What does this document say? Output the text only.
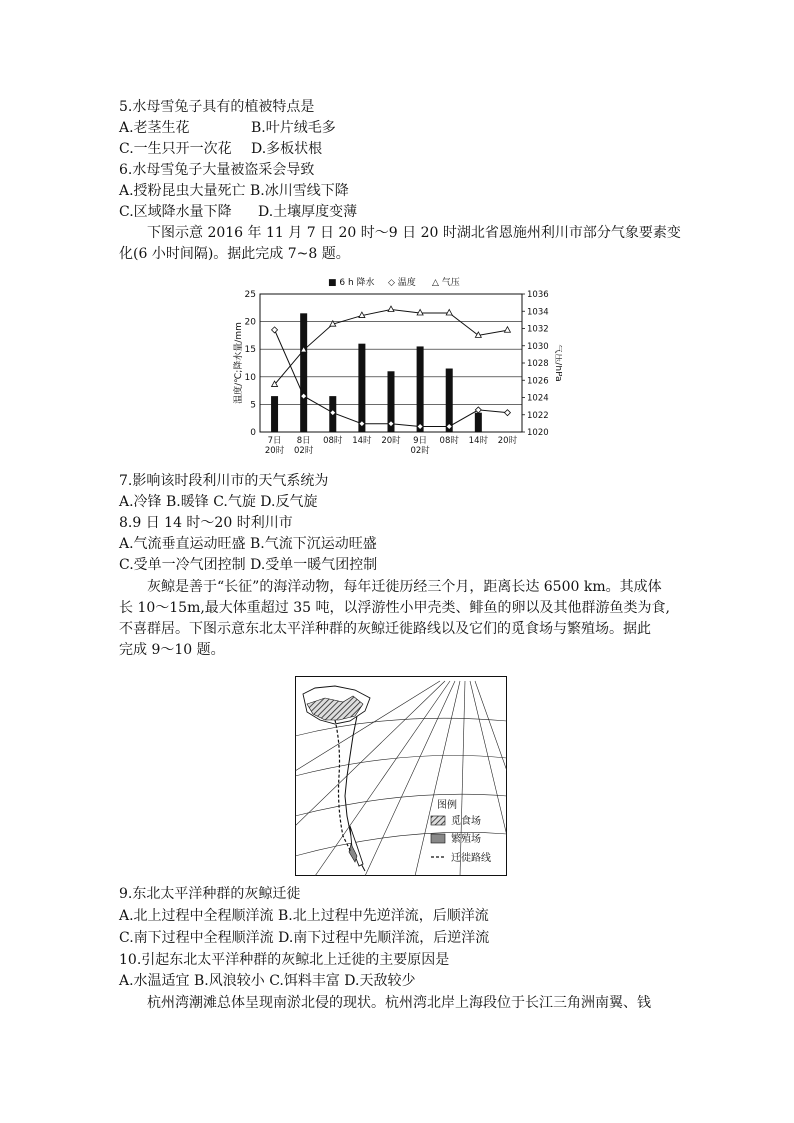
5.水母雪兔子具有的植被特点是
A.老茎生花	B.叶片绒毛多
C.一生只开一次花 D.多板状根
6.水母雪兔子大量被盗采会导致
A.授粉昆虫大量死亡 B.冰川雪线下降
C.区域降水量下降 D.土壤厚度变薄
下图示意 2016 年 11 月 7 日 20 时～9 日 20 时湖北省恩施州利川市部分气象要素变
化(6 小时间隔)。据此完成 7~8 题。
0
5
10
15
20
25
1020
1022
1024
1026
1028
1030
1032
1034
1036
温度/℃;降水量/mm	气压/hPa
7日
20时
8日
02时
08时 14时 20时 9日
02时
08时 14时 20时
■ 6 h 降水 ◇ 温度 △ 气压
7.影响该时段利川市的天气系统为
A.冷锋 B.暖锋 C.气旋 D.反气旋
8.9 日 14 时～20 时利川市
A.气流垂直运动旺盛 B.气流下沉运动旺盛
C.受单一冷气团控制 D.受单一暖气团控制
灰鲸是善于“长征”的海洋动物，每年迁徙历经三个月，距离长达 6500 km。其成体
长 10～15m,最大体重超过 35 吨，以浮游性小甲壳类、鲱鱼的卵以及其他群游鱼类为食,
不喜群居。下图示意东北太平洋种群的灰鲸迁徙路线以及它们的觅食场与繁殖场。据此
完成 9～10 题。
图例
觅食场
繁殖场
迁徙路线
9.东北太平洋种群的灰鲸迁徙
A.北上过程中全程顺洋流 B.北上过程中先逆洋流，后顺洋流
C.南下过程中全程顺洋流 D.南下过程中先顺洋流，后逆洋流
10.引起东北太平洋种群的灰鲸北上迁徙的主要原因是
A.水温适宜 B.风浪较小 C.饵料丰富 D.天敌较少
杭州湾潮滩总体呈现南淤北侵的现状。杭州湾北岸上海段位于长江三角洲南翼、钱
